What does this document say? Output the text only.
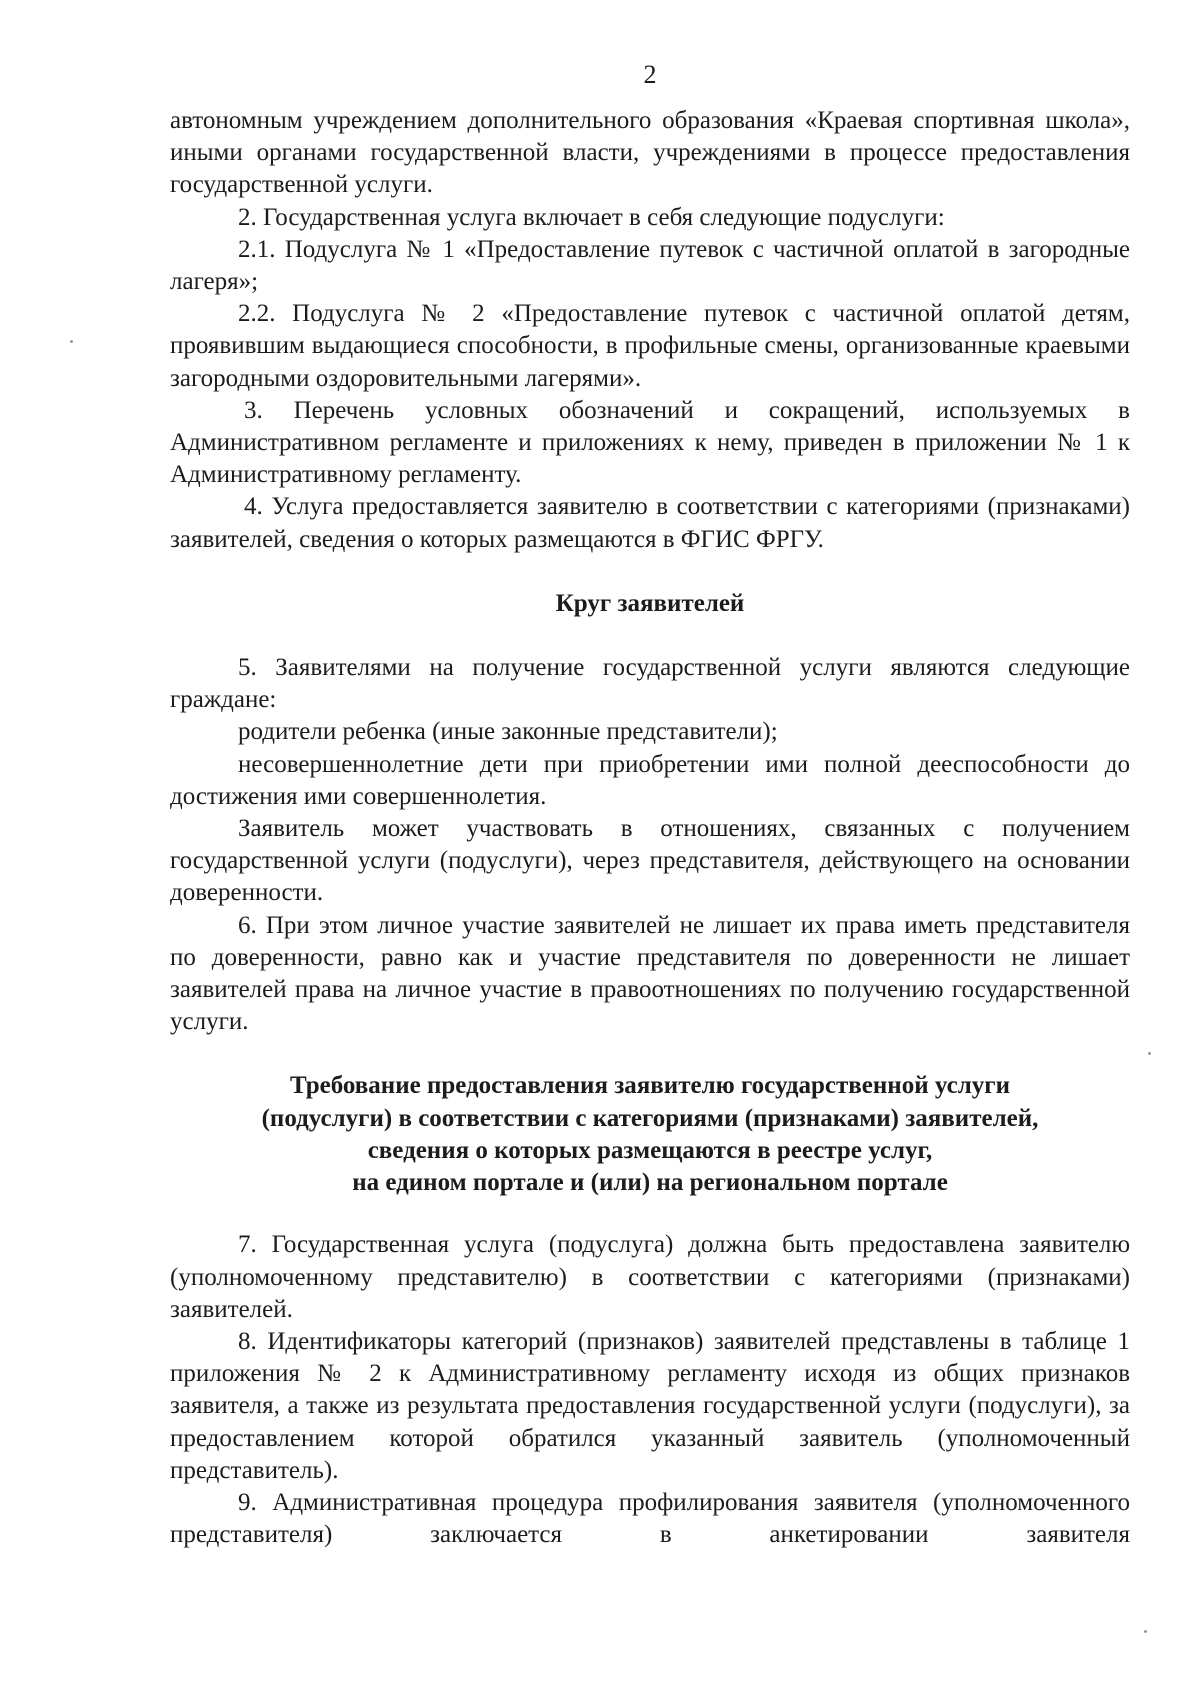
2

автономным учреждением дополнительного образования «Краевая спортивная школа», иными органами государственной власти, учреждениями в процессе предоставления государственной услуги.

2. Государственная услуга включает в себя следующие подуслуги:

2.1. Подуслуга № 1 «Предоставление путевок с частичной оплатой в загородные лагеря»;

2.2. Подуслуга № 2 «Предоставление путевок с частичной оплатой детям, проявившим выдающиеся способности, в профильные смены, организованные краевыми загородными оздоровительными лагерями».

3. Перечень условных обозначений и сокращений, используемых в Административном регламенте и приложениях к нему, приведен в приложении № 1 к Административному регламенту.

4. Услуга предоставляется заявителю в соответствии с категориями (признаками) заявителей, сведения о которых размещаются в ФГИС ФРГУ.

Круг заявителей

5. Заявителями на получение государственной услуги являются следующие граждане:

родители ребенка (иные законные представители);

несовершеннолетние дети при приобретении ими полной дееспособности до достижения ими совершеннолетия.

Заявитель может участвовать в отношениях, связанных с получением государственной услуги (подуслуги), через представителя, действующего на основании доверенности.

6. При этом личное участие заявителей не лишает их права иметь представителя по доверенности, равно как и участие представителя по доверенности не лишает заявителей права на личное участие в правоотношениях по получению государственной услуги.

Требование предоставления заявителю государственной услуги

(подуслуги) в соответствии с категориями (признаками) заявителей,

сведения о которых размещаются в реестре услуг,

на едином портале и (или) на региональном портале

7. Государственная услуга (подуслуга) должна быть предоставлена заявителю (уполномоченному представителю) в соответствии с категориями (признаками) заявителей.

8. Идентификаторы категорий (признаков) заявителей представлены в таблице 1 приложения № 2 к Административному регламенту исходя из общих признаков заявителя, а также из результата предоставления государственной услуги (подуслуги), за предоставлением которой обратился указанный заявитель (уполномоченный представитель).

9. Административная процедура профилирования заявителя (уполномоченного представителя) заключается в анкетировании заявителя
